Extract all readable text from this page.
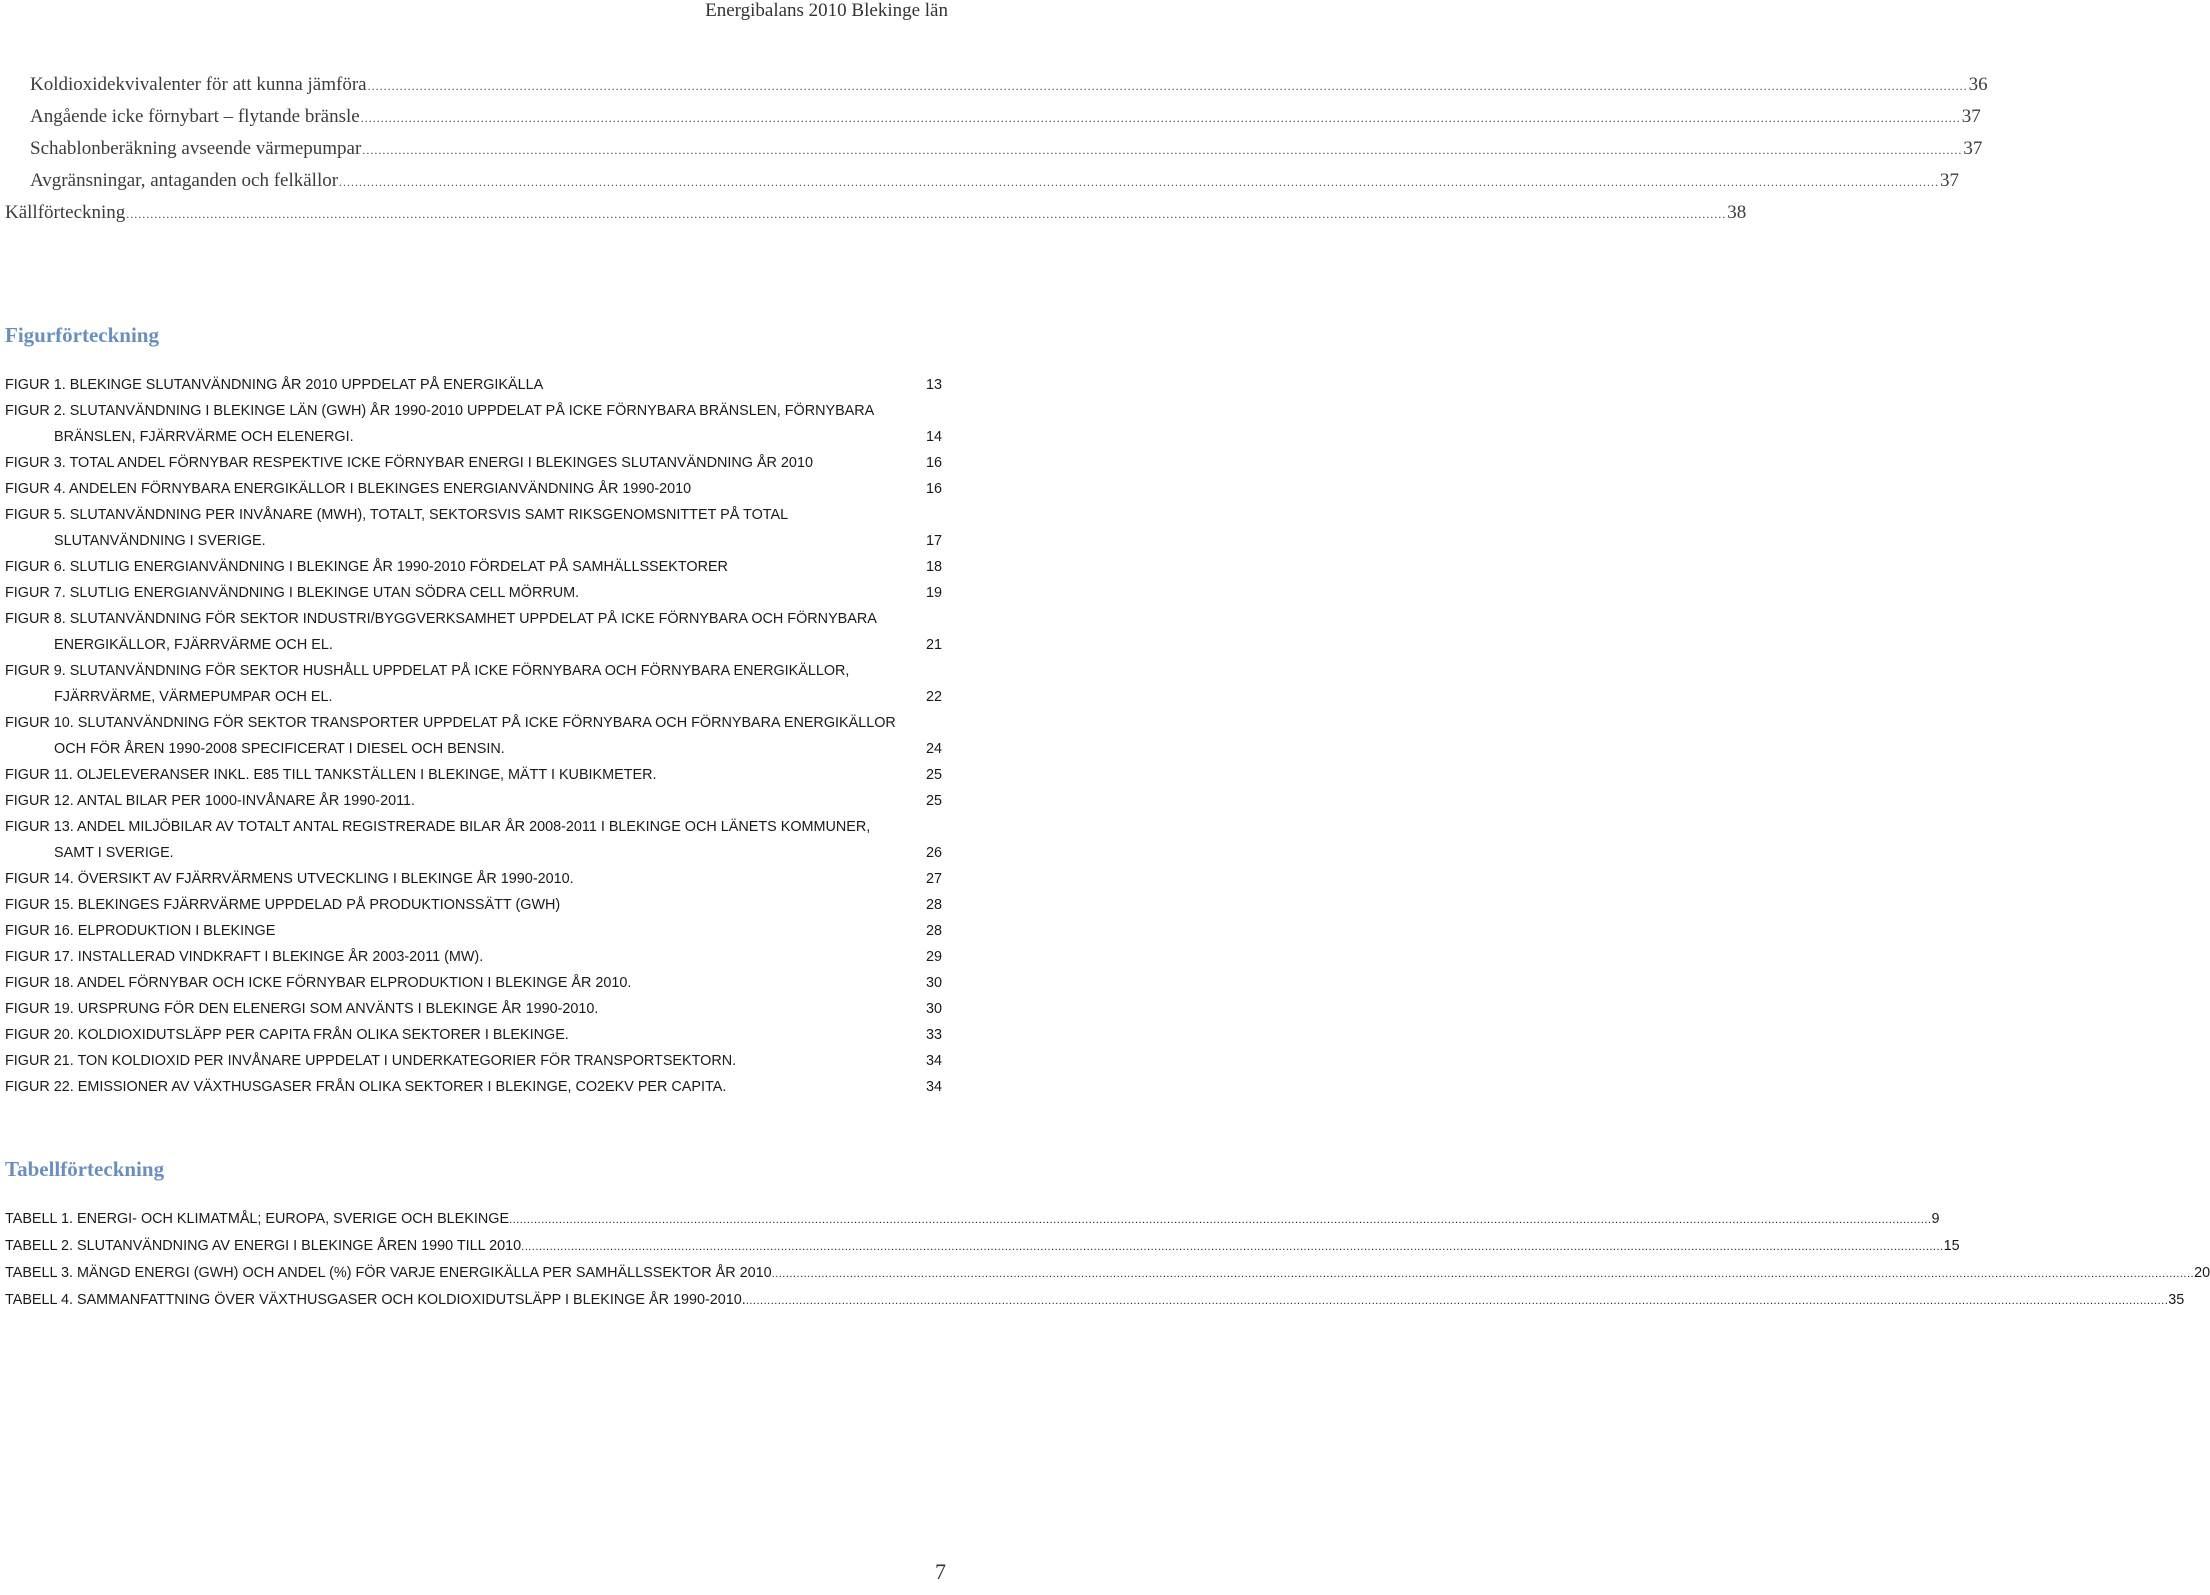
Energibalans 2010 Blekinge län
Koldioxidekvivalenter för att kunna jämföra ................................................................................................................................................................................................................................................................................................................................................................................................................ 36
Angående icke förnybart – flytande bränsle ................................................................................................................................................................................................................................................................................................................................................................................................................ 37
Schablonberäkning avseende värmepumpar ................................................................................................................................................................................................................................................................................................................................................................................................................ 37
Avgränsningar, antaganden och felkällor ................................................................................................................................................................................................................................................................................................................................................................................................................ 37
Källförteckning ................................................................................................................................................................................................................................................................................................................................................................................................................ 38
Figurförteckning
FIGUR 1. BLEKINGE SLUTANVÄNDNING ÅR 2010 UPPDELAT PÅ ENERGIKÄLLA	13
FIGUR 2. SLUTANVÄNDNING I BLEKINGE LÄN (GWH) ÅR 1990-2010 UPPDELAT PÅ ICKE FÖRNYBARA BRÄNSLEN, FÖRNYBARA
BRÄNSLEN, FJÄRRVÄRME OCH ELENERGI.	14
FIGUR 3. TOTAL ANDEL FÖRNYBAR RESPEKTIVE ICKE FÖRNYBAR ENERGI I BLEKINGES SLUTANVÄNDNING ÅR 2010	16
FIGUR 4. ANDELEN FÖRNYBARA ENERGIKÄLLOR I BLEKINGES ENERGIANVÄNDNING ÅR 1990-2010	16
FIGUR 5. SLUTANVÄNDNING PER INVÅNARE (MWH), TOTALT, SEKTORSVIS SAMT RIKSGENOMSNITTET PÅ TOTAL
SLUTANVÄNDNING I SVERIGE.	17
FIGUR 6. SLUTLIG ENERGIANVÄNDNING I BLEKINGE ÅR 1990-2010 FÖRDELAT PÅ SAMHÄLLSSEKTORER	18
FIGUR 7. SLUTLIG ENERGIANVÄNDNING I BLEKINGE UTAN SÖDRA CELL MÖRRUM.	19
FIGUR 8. SLUTANVÄNDNING FÖR SEKTOR INDUSTRI/BYGGVERKSAMHET UPPDELAT PÅ ICKE FÖRNYBARA OCH FÖRNYBARA
ENERGIKÄLLOR, FJÄRRVÄRME OCH EL.	21
FIGUR 9. SLUTANVÄNDNING FÖR SEKTOR HUSHÅLL UPPDELAT PÅ ICKE FÖRNYBARA OCH FÖRNYBARA ENERGIKÄLLOR,
FJÄRRVÄRME, VÄRMEPUMPAR OCH EL.	22
FIGUR 10. SLUTANVÄNDNING FÖR SEKTOR TRANSPORTER UPPDELAT PÅ ICKE FÖRNYBARA OCH FÖRNYBARA ENERGIKÄLLOR
OCH FÖR ÅREN 1990-2008 SPECIFICERAT I DIESEL OCH BENSIN.	24
FIGUR 11. OLJELEVERANSER INKL. E85 TILL TANKSTÄLLEN I BLEKINGE, MÄTT I KUBIKMETER.	25
FIGUR 12. ANTAL BILAR PER 1000-INVÅNARE ÅR 1990-2011.	25
FIGUR 13. ANDEL MILJÖBILAR AV TOTALT ANTAL REGISTRERADE BILAR ÅR 2008-2011 I BLEKINGE OCH LÄNETS KOMMUNER,
SAMT I SVERIGE.	26
FIGUR 14. ÖVERSIKT AV FJÄRRVÄRMENS UTVECKLING I BLEKINGE ÅR 1990-2010.	27
FIGUR 15. BLEKINGES FJÄRRVÄRME UPPDELAD PÅ PRODUKTIONSSÄTT (GWH)	28
FIGUR 16. ELPRODUKTION I BLEKINGE	28
FIGUR 17. INSTALLERAD VINDKRAFT I BLEKINGE ÅR 2003-2011 (MW).	29
FIGUR 18. ANDEL FÖRNYBAR OCH ICKE FÖRNYBAR ELPRODUKTION I BLEKINGE ÅR 2010.	30
FIGUR 19. URSPRUNG FÖR DEN ELENERGI SOM ANVÄNTS I BLEKINGE ÅR 1990-2010.	30
FIGUR 20. KOLDIOXIDUTSLÄPP PER CAPITA FRÅN OLIKA SEKTORER I BLEKINGE.	33
FIGUR 21. TON KOLDIOXID PER INVÅNARE UPPDELAT I UNDERKATEGORIER FÖR TRANSPORTSEKTORN.	34
FIGUR 22. EMISSIONER AV VÄXTHUSGASER FRÅN OLIKA SEKTORER I BLEKINGE, CO2EKV PER CAPITA.	34
Tabellförteckning
TABELL 1. ENERGI- OCH KLIMATMÅL; EUROPA, SVERIGE OCH BLEKINGE ................................................................................................................................................................................................................................................................................................................................................................................................................ 9
TABELL 2. SLUTANVÄNDNING AV ENERGI I BLEKINGE ÅREN 1990 TILL 2010 ................................................................................................................................................................................................................................................................................................................................................................................................................ 15
TABELL 3. MÄNGD ENERGI (GWH) OCH ANDEL (%) FÖR VARJE ENERGIKÄLLA PER SAMHÄLLSSEKTOR ÅR 2010 ................................................................................................................................................................................................................................................................................................................................................................................................................ 20
TABELL 4. SAMMANFATTNING ÖVER VÄXTHUSGASER OCH KOLDIOXIDUTSLÄPP I BLEKINGE ÅR 1990-2010. ................................................................................................................................................................................................................................................................................................................................................................................................................ 35
7
